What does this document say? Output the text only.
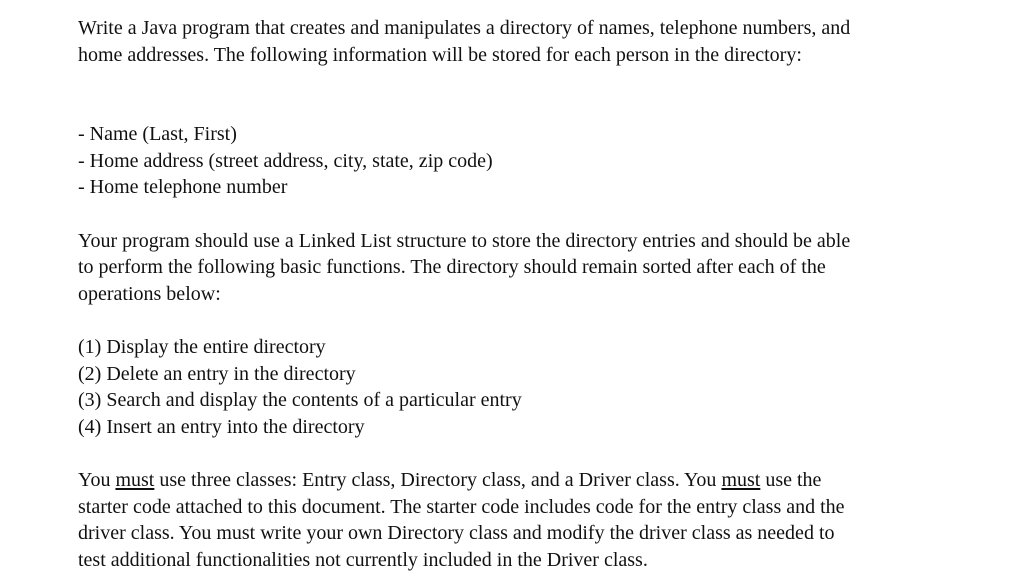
Write a Java program that creates and manipulates a directory of names, telephone numbers, and
home addresses. The following information will be stored for each person in the directory:

- Name (Last, First)
- Home address (street address, city, state, zip code)
- Home telephone number

Your program should use a Linked List structure to store the directory entries and should be able
to perform the following basic functions. The directory should remain sorted after each of the
operations below:

(1) Display the entire directory
(2) Delete an entry in the directory
(3) Search and display the contents of a particular entry
(4) Insert an entry into the directory

You must use three classes: Entry class, Directory class, and a Driver class. You must use the
starter code attached to this document. The starter code includes code for the entry class and the
driver class. You must write your own Directory class and modify the driver class as needed to
test additional functionalities not currently included in the Driver class.
